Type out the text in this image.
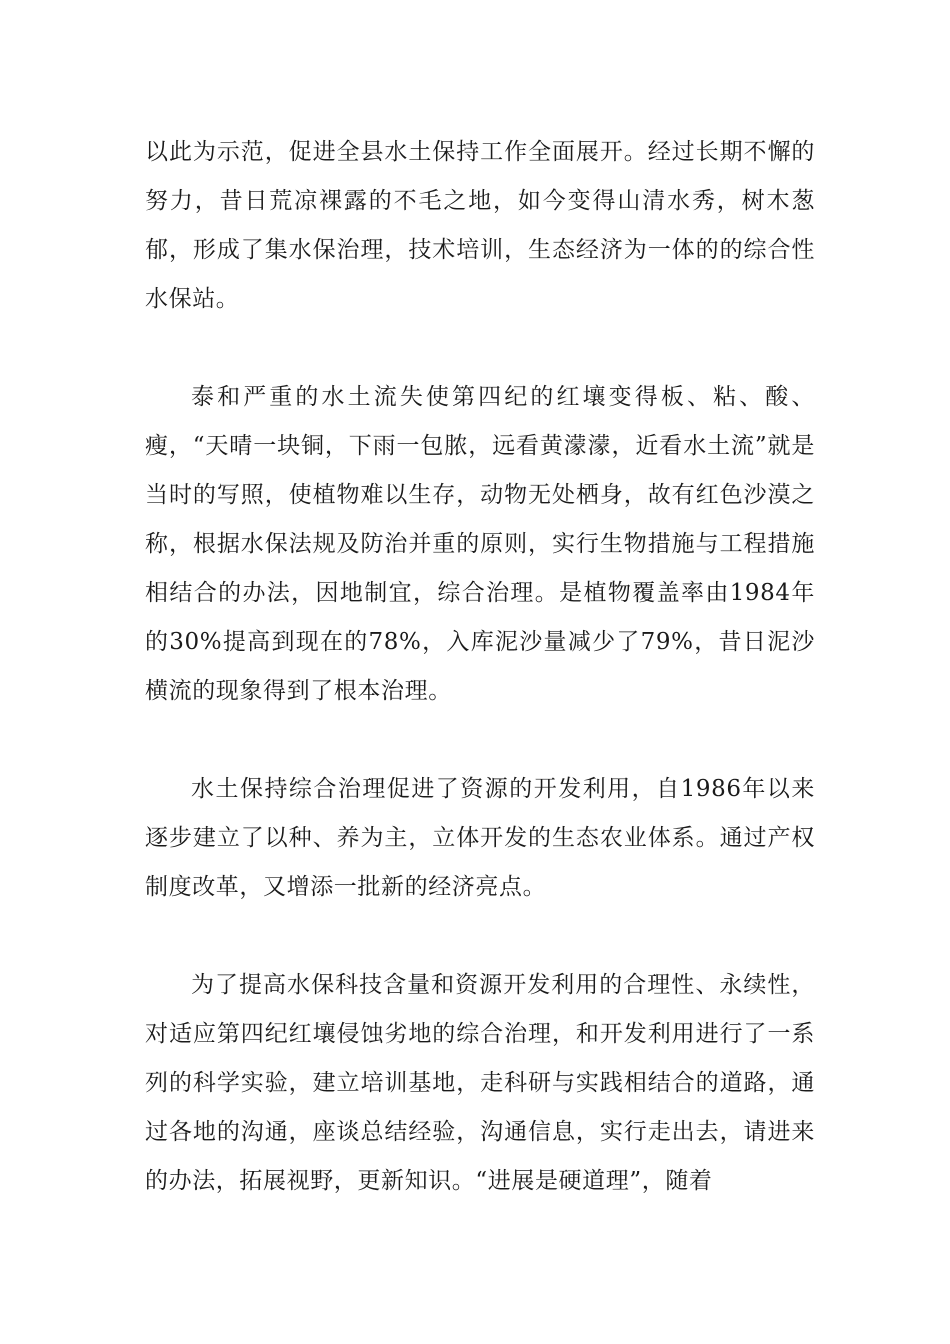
以此为示范，促进全县水土保持工作全面展开。经过长期不懈的努力，昔日荒凉裸露的不毛之地，如今变得山清水秀，树木葱郁，形成了集水保治理，技术培训，生态经济为一体的的综合性水保站。

泰和严重的水土流失使第四纪的红壤变得板、粘、酸、瘦，“天晴一块铜，下雨一包脓，远看黄濛濛，近看水土流”就是当时的写照，使植物难以生存，动物无处栖身，故有红色沙漠之称，根据水保法规及防治并重的原则，实行生物措施与工程措施相结合的办法，因地制宜，综合治理。是植物覆盖率由1984年的30%提高到现在的78%，入库泥沙量减少了79%，昔日泥沙横流的现象得到了根本治理。

水土保持综合治理促进了资源的开发利用，自1986年以来逐步建立了以种、养为主，立体开发的生态农业体系。通过产权制度改革，又增添一批新的经济亮点。

为了提高水保科技含量和资源开发利用的合理性、永续性，对适应第四纪红壤侵蚀劣地的综合治理，和开发利用进行了一系列的科学实验，建立培训基地，走科研与实践相结合的道路，通过各地的沟通，座谈总结经验，沟通信息，实行走出去，请进来的办法，拓展视野，更新知识。“进展是硬道理”，随着
